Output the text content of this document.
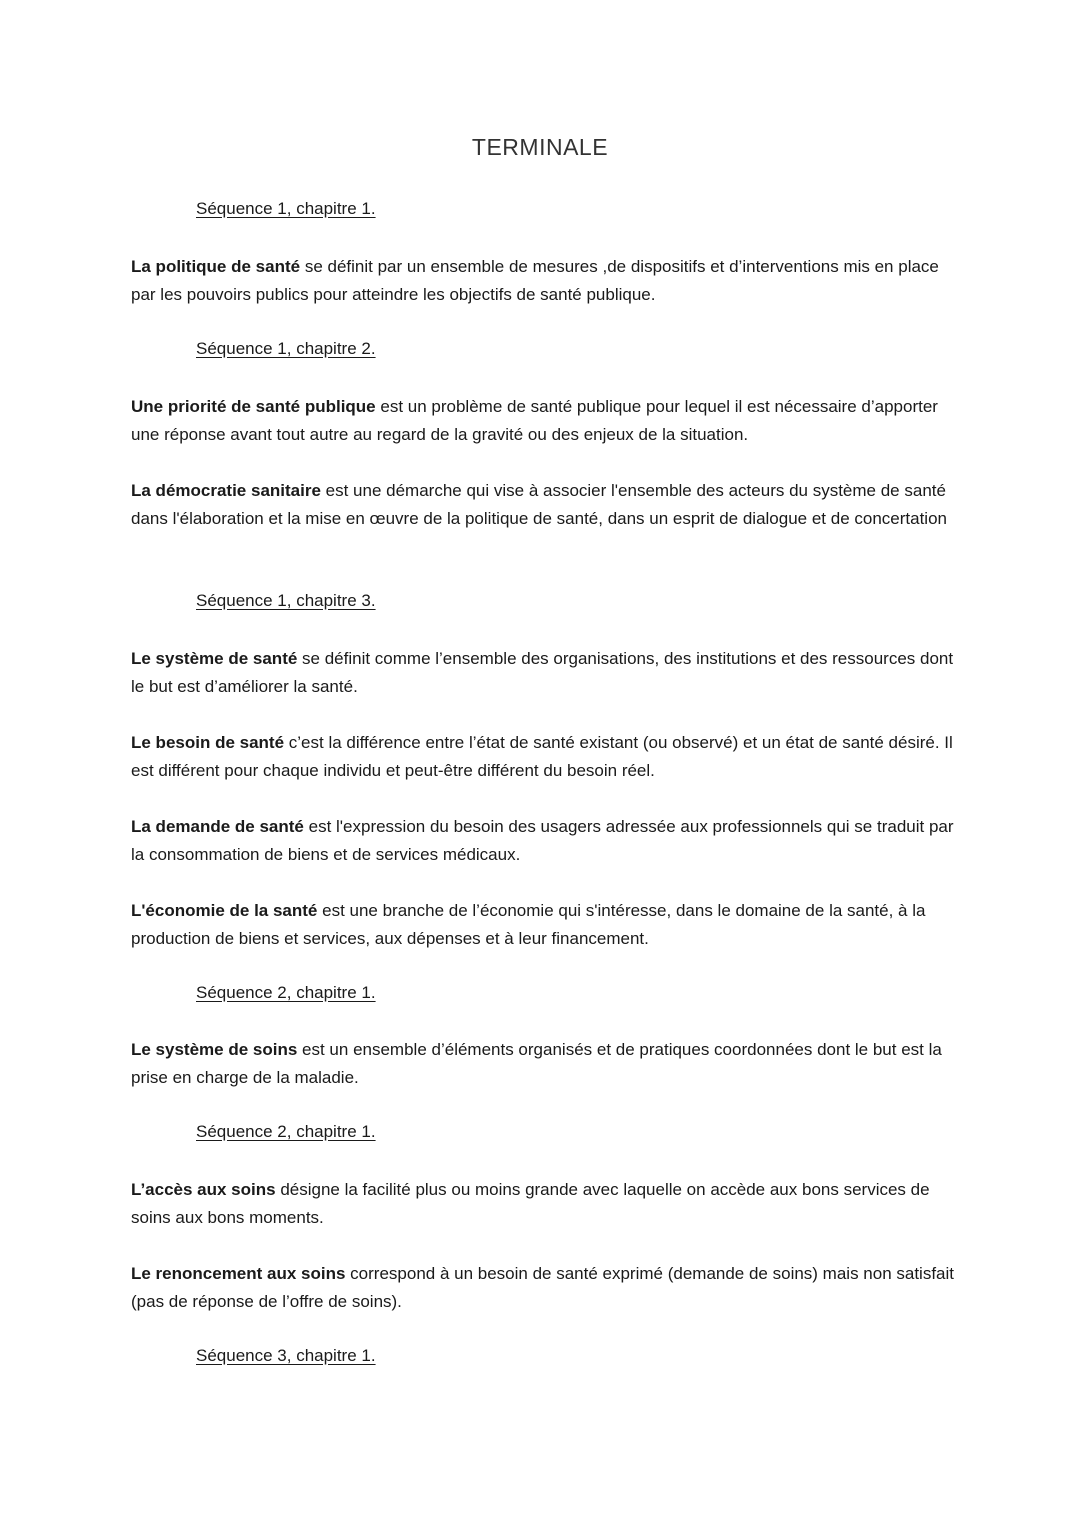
TERMINALE
Séquence 1, chapitre 1.

La politique de santé se définit par un ensemble de mesures ,de dispositifs et d’interventions mis en place par les pouvoirs publics pour atteindre les objectifs de santé publique.

Séquence 1, chapitre 2.

Une priorité de santé publique est un problème de santé publique pour lequel il est nécessaire d’apporter une réponse avant tout autre au regard de la gravité ou des enjeux de la situation.

La démocratie sanitaire est une démarche qui vise à associer l'ensemble des acteurs du système de santé dans l'élaboration et la mise en œuvre de la politique de santé, dans un esprit de dialogue et de concertation

Séquence 1, chapitre 3.

Le système de santé se définit comme l’ensemble des organisations, des institutions et des ressources dont le but est d’améliorer la santé.

Le besoin de santé c’est la différence entre l’état de santé existant (ou observé) et un état de santé désiré. Il est différent pour chaque individu et peut-être différent du besoin réel.

La demande de santé est l'expression du besoin des usagers adressée aux professionnels qui se traduit par la consommation de biens et de services médicaux.

L'économie de la santé est une branche de l’économie qui s'intéresse, dans le domaine de la santé, à la production de biens et services, aux dépenses et à leur financement.

Séquence 2, chapitre 1.

Le système de soins est un ensemble d’éléments organisés et de pratiques coordonnées dont le but est la prise en charge de la maladie.

Séquence 2, chapitre 1.

L’accès aux soins désigne la facilité plus ou moins grande avec laquelle on accède aux bons services de soins aux bons moments.

Le renoncement aux soins correspond à un besoin de santé exprimé (demande de soins) mais non satisfait (pas de réponse de l’offre de soins).

Séquence 3, chapitre 1.
